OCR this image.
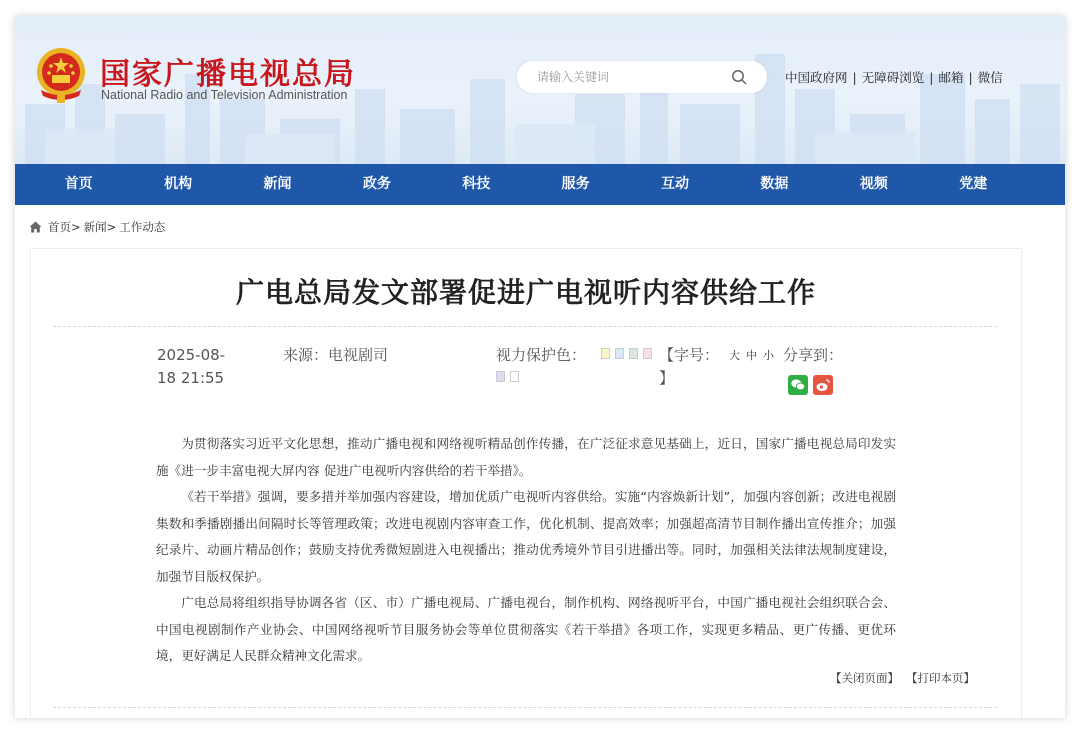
国家广播电视总局
National Radio and Television Administration
请输入关键词
中国政府网 | 无障碍浏览 | 邮箱 | 微信
首页	机构	新闻	政务	科技	服务	互动	数据	视频	党建
首页> 新闻> 工作动态
广电总局发文部署促进广电视听内容供给工作
2025-08-
18 21:55
来源：电视剧司	视力保护色：	【字号： 大 中 小
】
分享到：

为贯彻落实习近平文化思想，推动广播电视和网络视听精品创作传播，在广泛征求意见基础上，近日，国家广播电视总局印发实施《进一步丰富电视大屏内容 促进广电视听内容供给的若干举措》。

《若干举措》强调，要多措并举加强内容建设，增加优质广电视听内容供给。实施“内容焕新计划”，加强内容创新；改进电视剧集数和季播剧播出间隔时长等管理政策；改进电视剧内容审查工作，优化机制、提高效率；加强超高清节目制作播出宣传推介；加强纪录片、动画片精品创作；鼓励支持优秀微短剧进入电视播出；推动优秀境外节目引进播出等。同时，加强相关法律法规制度建设，加强节目版权保护。

广电总局将组织指导协调各省（区、市）广播电视局、广播电视台，制作机构、网络视听平台，中国广播电视社会组织联合会、中国电视剧制作产业协会、中国网络视听节目服务协会等单位贯彻落实《若干举措》各项工作，实现更多精品、更广传播、更优环境，更好满足人民群众精神文化需求。

【关闭页面】 【打印本页】
